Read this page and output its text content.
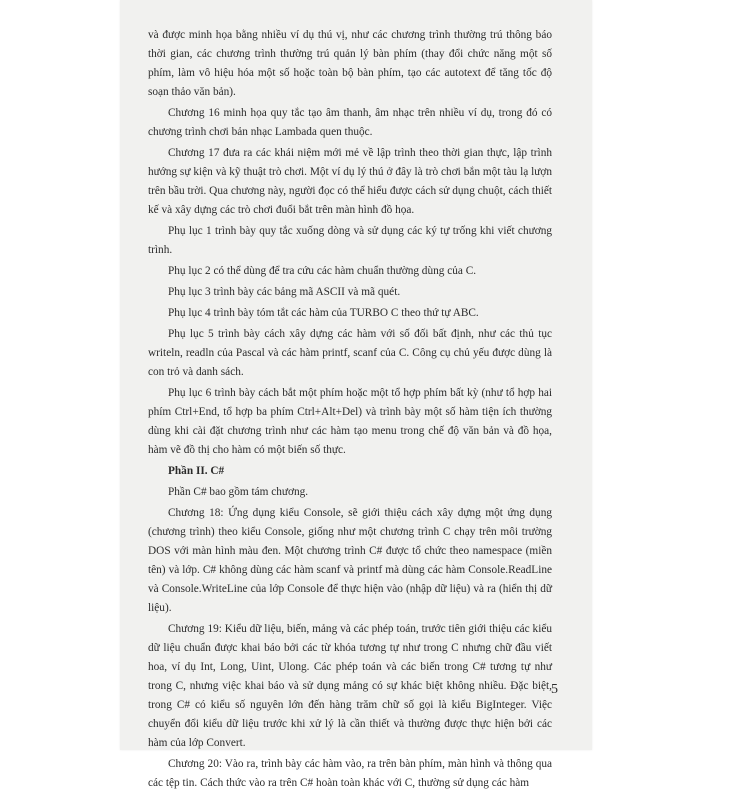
và được minh họa bằng nhiều ví dụ thú vị, như các chương trình thường trú thông báo thời gian, các chương trình thường trú quản lý bàn phím (thay đổi chức năng một số phím, làm vô hiệu hóa một số hoặc toàn bộ bàn phím, tạo các autotext để tăng tốc độ soạn thảo văn bản).

Chương 16 minh họa quy tắc tạo âm thanh, âm nhạc trên nhiều ví dụ, trong đó có chương trình chơi bản nhạc Lambada quen thuộc.

Chương 17 đưa ra các khái niệm mới mẻ về lập trình theo thời gian thực, lập trình hướng sự kiện và kỹ thuật trò chơi. Một ví dụ lý thú ở đây là trò chơi bắn một tàu lạ lượn trên bầu trời. Qua chương này, người đọc có thể hiểu được cách sử dụng chuột, cách thiết kế và xây dựng các trò chơi đuổi bắt trên màn hình đồ họa.

Phụ lục 1 trình bày quy tắc xuống dòng và sử dụng các ký tự trống khi viết chương trình.

Phụ lục 2 có thể dùng để tra cứu các hàm chuẩn thường dùng của C.

Phụ lục 3 trình bày các bảng mã ASCII và mã quét.

Phụ lục 4 trình bày tóm tắt các hàm của TURBO C theo thứ tự ABC.

Phụ lục 5 trình bày cách xây dựng các hàm với số đối bất định, như các thủ tục writeln, readln của Pascal và các hàm printf, scanf của C. Công cụ chủ yếu được dùng là con trỏ và danh sách.

Phụ lục 6 trình bày cách bắt một phím hoặc một tổ hợp phím bất kỳ (như tổ hợp hai phím Ctrl+End, tổ hợp ba phím Ctrl+Alt+Del) và trình bày một số hàm tiện ích thường dùng khi cài đặt chương trình như các hàm tạo menu trong chế độ văn bản và đồ họa, hàm vẽ đồ thị cho hàm có một biến số thực.

Phần II. C#

Phần C# bao gồm tám chương.

Chương 18: Ứng dụng kiểu Console, sẽ giới thiệu cách xây dựng một ứng dụng (chương trình) theo kiểu Console, giống như một chương trình C chạy trên môi trường DOS với màn hình màu đen. Một chương trình C# được tổ chức theo namespace (miền tên) và lớp. C# không dùng các hàm scanf và printf mà dùng các hàm Console.ReadLine và Console.WriteLine của lớp Console để thực hiện vào (nhập dữ liệu) và ra (hiển thị dữ liệu).

Chương 19: Kiểu dữ liệu, biến, mảng và các phép toán, trước tiên giới thiệu các kiểu dữ liệu chuẩn được khai báo bởi các từ khóa tương tự như trong C nhưng chữ đầu viết hoa, ví dụ Int, Long, Uint, Ulong. Các phép toán và các biến trong C# tương tự như trong C, nhưng việc khai báo và sử dụng mảng có sự khác biệt không nhiều. Đặc biệt, trong C# có kiểu số nguyên lớn đến hàng trăm chữ số gọi là kiểu BigInteger. Việc chuyển đổi kiểu dữ liệu trước khi xử lý là cần thiết và thường được thực hiện bởi các hàm của lớp Convert.

Chương 20: Vào ra, trình bày các hàm vào, ra trên bàn phím, màn hình và thông qua các tệp tin. Cách thức vào ra trên C# hoàn toàn khác với C, thường sử dụng các hàm

5
